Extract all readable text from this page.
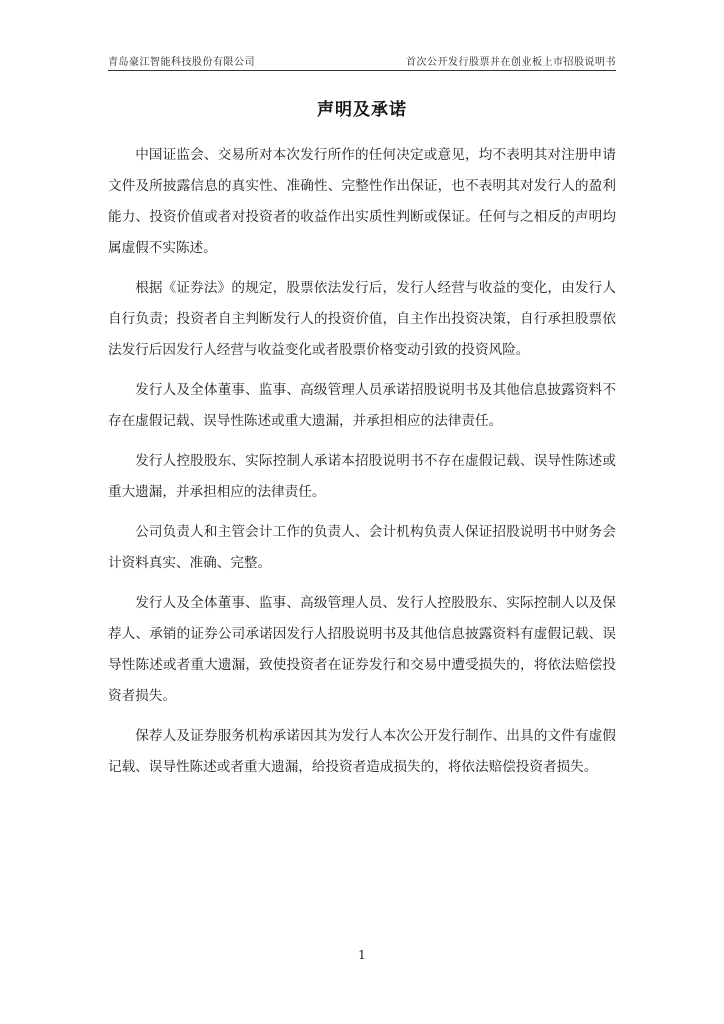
青岛豪江智能科技股份有限公司	首次公开发行股票并在创业板上市招股说明书
声明及承诺

中国证监会、交易所对本次发行所作的任何决定或意见，均不表明其对注册申请文件及所披露信息的真实性、准确性、完整性作出保证，也不表明其对发行人的盈利能力、投资价值或者对投资者的收益作出实质性判断或保证。任何与之相反的声明均属虚假不实陈述。

根据《证券法》的规定，股票依法发行后，发行人经营与收益的变化，由发行人自行负责；投资者自主判断发行人的投资价值，自主作出投资决策，自行承担股票依法发行后因发行人经营与收益变化或者股票价格变动引致的投资风险。

发行人及全体董事、监事、高级管理人员承诺招股说明书及其他信息披露资料不存在虚假记载、误导性陈述或重大遗漏，并承担相应的法律责任。

发行人控股股东、实际控制人承诺本招股说明书不存在虚假记载、误导性陈述或重大遗漏，并承担相应的法律责任。

公司负责人和主管会计工作的负责人、会计机构负责人保证招股说明书中财务会计资料真实、准确、完整。

发行人及全体董事、监事、高级管理人员、发行人控股股东、实际控制人以及保荐人、承销的证券公司承诺因发行人招股说明书及其他信息披露资料有虚假记载、误导性陈述或者重大遗漏，致使投资者在证券发行和交易中遭受损失的，将依法赔偿投资者损失。

保荐人及证券服务机构承诺因其为发行人本次公开发行制作、出具的文件有虚假记载、误导性陈述或者重大遗漏，给投资者造成损失的，将依法赔偿投资者损失。

1
